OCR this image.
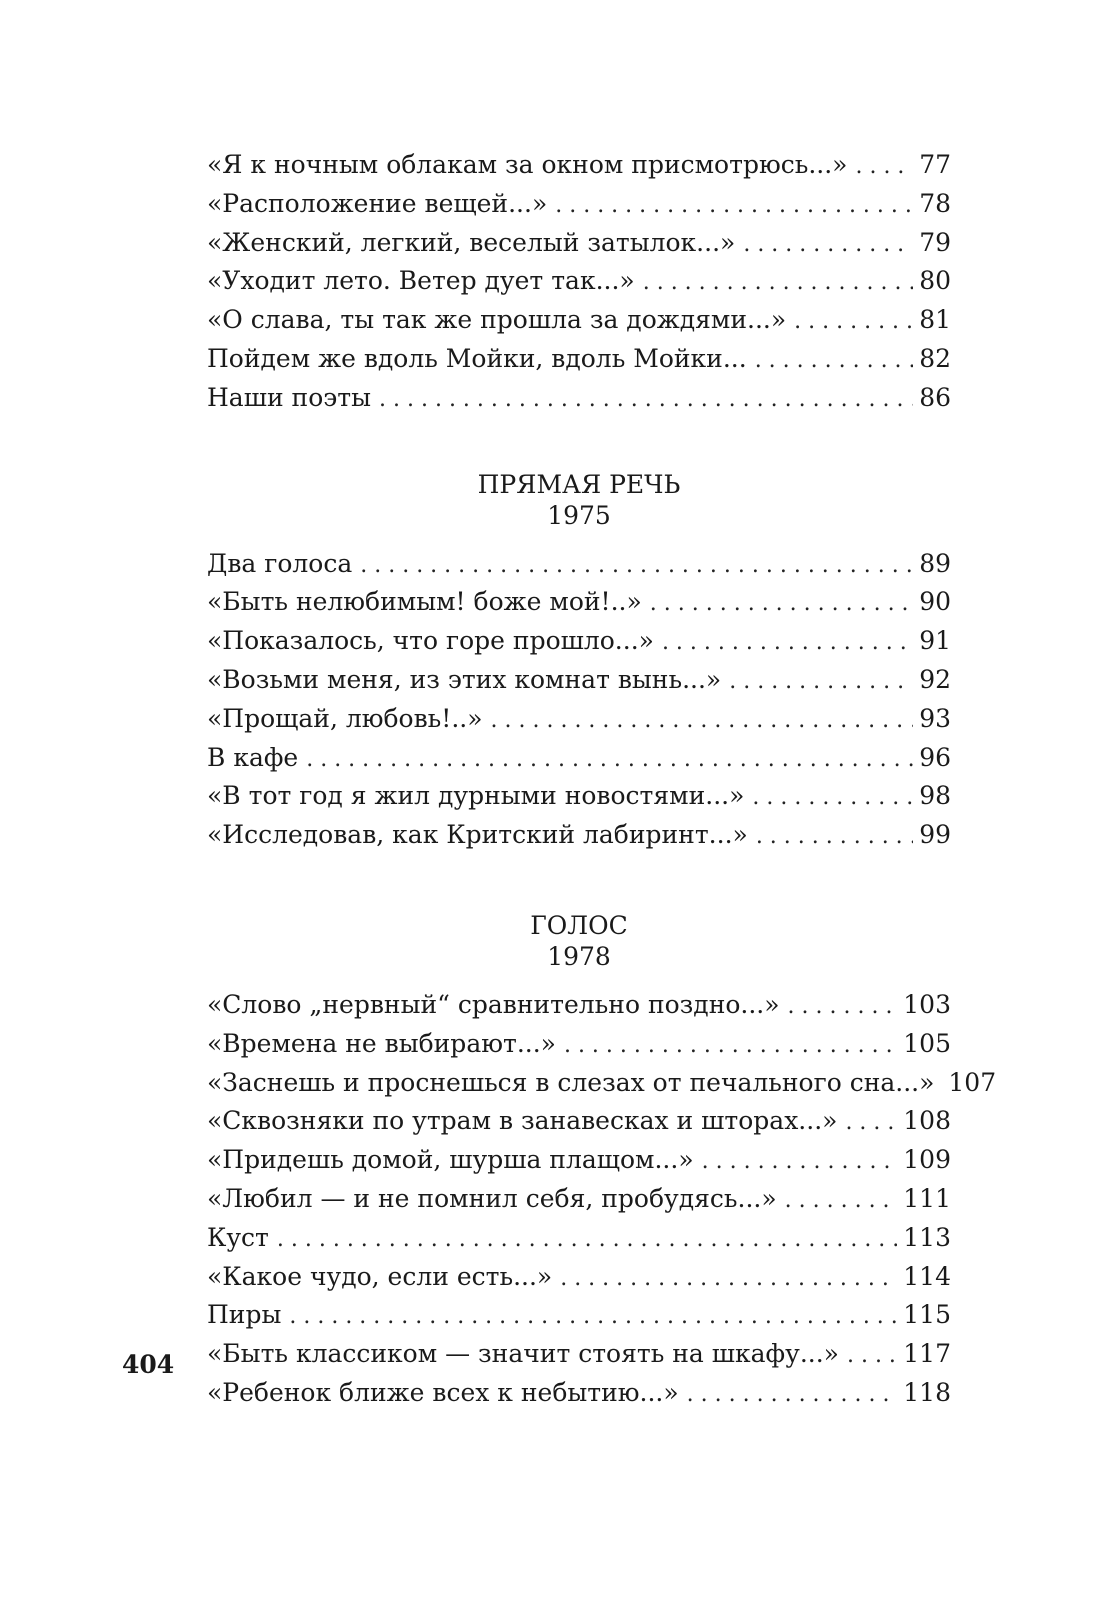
«Я к ночным облакам за окном присмотрюсь...» . . .	77
«Расположение вещей...» . . .	78
«Женский, легкий, веселый затылок...» . . .	79
«Уходит лето. Ветер дует так...» . . .	80
«О слава, ты так же прошла за дождями...» . . .	81
Пойдем же вдоль Мойки, вдоль Мойки... . . .	82
Наши поэты . . .	86
ПРЯМАЯ РЕЧЬ
1975
Два голоса . . .	89
«Быть нелюбимым! боже мой!..» . . .	90
«Показалось, что горе прошло...» . . .	91
«Возьми меня, из этих комнат вынь...» . . .	92
«Прощай, любовь!..» . . .	93
В кафе . . .	96
«В тот год я жил дурными новостями...» . . .	98
«Исследовав, как Критский лабиринт...» . . .	99
ГОЛОС
1978
«Слово „нервный“ сравнительно поздно...» . . .	103
«Времена не выбирают...» . . .	105
«Заснешь и проснешься в слезах от печального сна...» 107
«Сквозняки по утрам в занавесках и шторах...» . . .	108
«Придешь домой, шурша плащом...» . . .	109
«Любил — и не помнил себя, пробудясь...» . . .	111
Куст . . .	113
«Какое чудо, если есть...» . . .	114
Пиры . . .	115
«Быть классиком — значит стоять на шкафу...» . . .	117
«Ребенок ближе всех к небытию...» . . .	118
404
